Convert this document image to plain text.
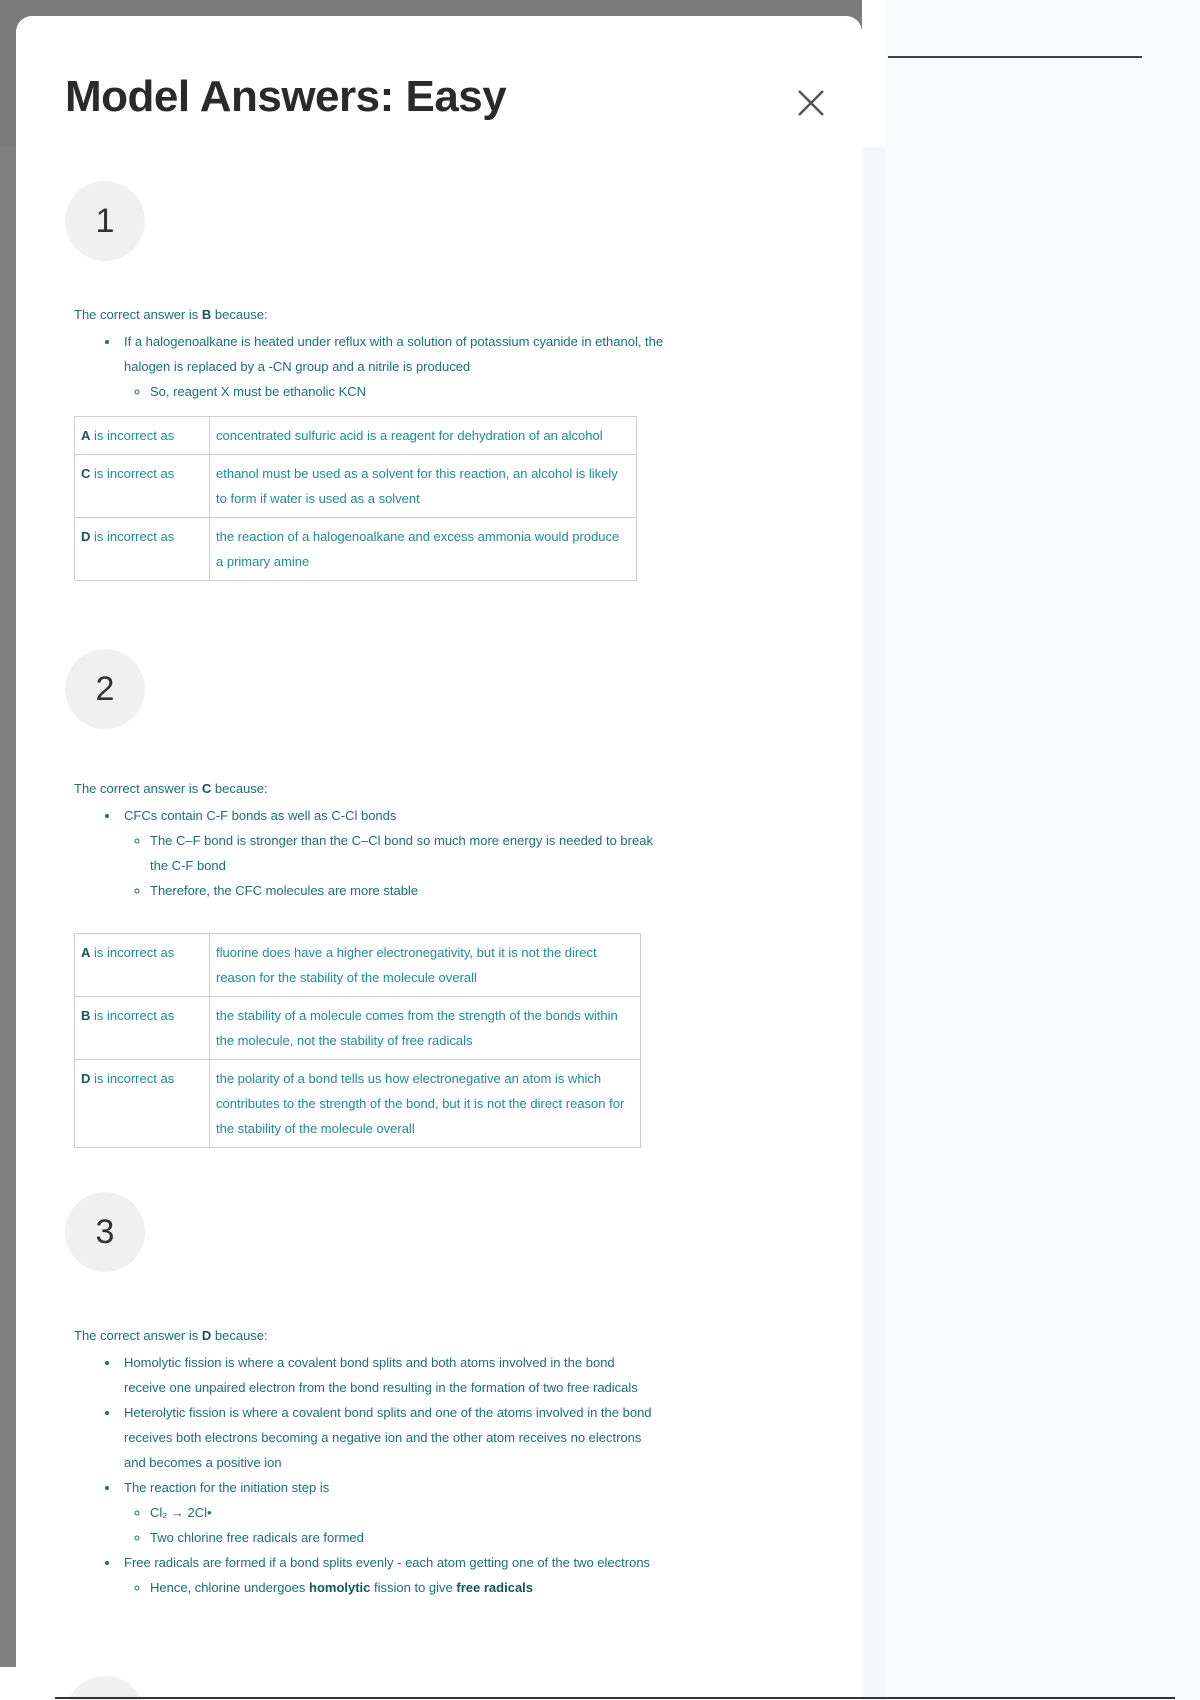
Model Answers: Easy
1

The correct answer is B because:

• If a halogenoalkane is heated under reflux with a solution of potassium cyanide in ethanol, the halogen is replaced by a -CN group and a nitrile is produced
◦ So, reagent X must be ethanolic KCN
A is incorrect as	concentrated sulfuric acid is a reagent for dehydration of an alcohol
C is incorrect as	ethanol must be used as a solvent for this reaction, an alcohol is likely to form if water is used as a solvent
D is incorrect as	the reaction of a halogenoalkane and excess ammonia would produce a primary amine
2

The correct answer is C because:

• CFCs contain C-F bonds as well as C-Cl bonds
◦ The C–F bond is stronger than the C–Cl bond so much more energy is needed to break the C-F bond
◦ Therefore, the CFC molecules are more stable
A is incorrect as	fluorine does have a higher electronegativity, but it is not the direct reason for the stability of the molecule overall
B is incorrect as	the stability of a molecule comes from the strength of the bonds within the molecule, not the stability of free radicals
D is incorrect as	the polarity of a bond tells us how electronegative an atom is which contributes to the strength of the bond, but it is not the direct reason for the stability of the molecule overall
3

The correct answer is D because:

• Homolytic fission is where a covalent bond splits and both atoms involved in the bond receive one unpaired electron from the bond resulting in the formation of two free radicals
• Heterolytic fission is where a covalent bond splits and one of the atoms involved in the bond receives both electrons becoming a negative ion and the other atom receives no electrons and becomes a positive ion
• The reaction for the initiation step is
◦ Cl₂ → 2Cl•
◦ Two chlorine free radicals are formed
• Free radicals are formed if a bond splits evenly - each atom getting one of the two electrons
◦ Hence, chlorine undergoes homolytic fission to give free radicals
